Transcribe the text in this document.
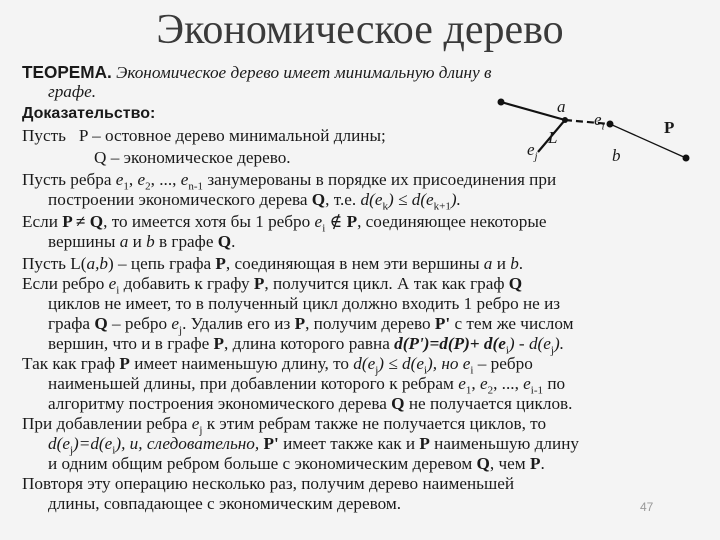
Экономическое дерево
a
$e_i$	P
L
$e_j$	b
ТЕОРЕМА. Экономическое дерево имеет минимальную длину в
графе.
Доказательство:
Пусть P – остовное дерево минимальной длины;
Q – экономическое дерево.
Пусть ребра $e_1$, $e_2$, ..., $e_{n-1}$ занумерованы в порядке их присоединения при
построении экономического дерева Q, т.е. $d(e_k) \le d(e_{k+1})$.
Если P ≠ Q, то имеется хотя бы 1 ребро $e_i$ ∉ P, соединяющее некоторые
вершины a и b в графе Q.
Пусть L(a,b) – цепь графа P, соединяющая в нем эти вершины a и b.
Если ребро $e_i$ добавить к графу P, получится цикл. А так как граф Q
циклов не имеет, то в полученный цикл должно входить 1 ребро не из
графа Q – ребро $e_j$. Удалив его из P, получим дерево P' с тем же числом
вершин, что и в графе P, длина которого равна $d(P')=d(P)+ d(e_i) - d(e_j)$.
Так как граф P имеет наименьшую длину, то $d(e_j) \le d(e_i)$, но $e_i$ – ребро
наименьшей длины, при добавлении которого к ребрам $e_1$, $e_2$, ..., $e_{i-1}$ по
алгоритму построения экономического дерева Q не получается циклов.
При добавлении ребра $e_j$ к этим ребрам также не получается циклов, то
$d(e_j)=d(e_i)$, и, следовательно, P' имеет также как и P наименьшую длину
и одним общим ребром больше с экономическим деревом Q, чем P.
Повторя эту операцию несколько раз, получим дерево наименьшей
длины, совпадающее с экономическим деревом.	47
